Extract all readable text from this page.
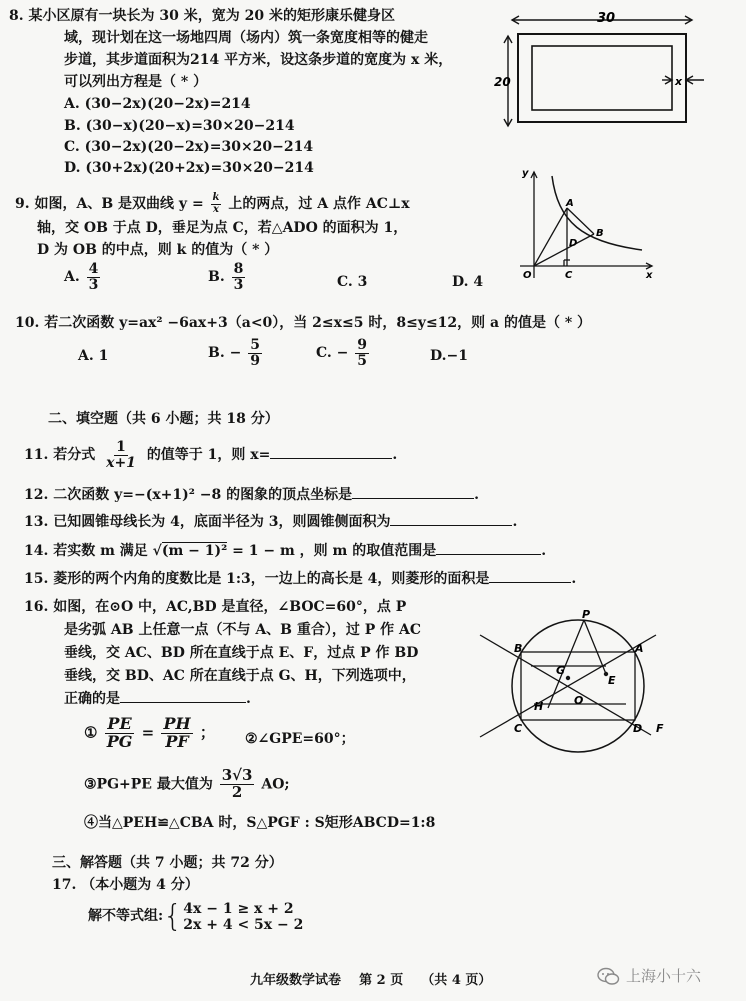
8. 某小区原有一块长为 30 米，宽为 20 米的矩形康乐健身区
域，现计划在这一场地四周（场内）筑一条宽度相等的健走
步道，其步道面积为214 平方米，设这条步道的宽度为 x 米，
可以列出方程是（ * ）
A. (30−2x)(20−2x)=214
B. (30−x)(20−x)=30×20−214
C. (30−2x)(20−2x)=30×20−214
D. (30+2x)(20+2x)=30×20−214
30
20	x
9. 如图，A、B 是双曲线 $y = \frac{k}{x}$ 上的两点，过 A 点作 AC⊥x
轴，交 OB 于点 D，垂足为点 C，若△ADO 的面积为 1，
D 为 OB 的中点，则 k 的值为（ * ）
A. $\frac{4}{3}$	B. $\frac{8}{3}$	C. 3	D. 4
y
x
O
A
B
C
D
10. 若二次函数 y=ax² −6ax+3（a<0），当 2≤x≤5 时，8≤y≤12，则 a 的值是（ * ）
A. 1	B. − $\frac{5}{9}$	C. − $\frac{9}{5}$	D.−1
二、填空题（共 6 小题；共 18 分）
11. 若分式 $\frac{1}{x+1}$ 的值等于 1，则 x=	.
12. 二次函数 y=−(x+1)² −8 的图象的顶点坐标是	.
13. 已知圆锥母线长为 4，底面半径为 3，则圆锥侧面积为	.
14. 若实数 m 满足 √(m − 1)² = 1 − m ，则 m 的取值范围是	.
15. 菱形的两个内角的度数比是 1:3，一边上的高长是 4，则菱形的面积是	.
16. 如图，在⊙O 中，AC,BD 是直径，∠BOC=60°，点 P
是劣弧 AB 上任意一点（不与 A、B 重合），过 P 作 AC
垂线，交 AC、BD 所在直线于点 E、F，过点 P 作 BD
垂线，交 BD、AC 所在直线于点 G、H，下列选项中，
正确的是	.
① $\frac{PE}{PG} = \frac{PH}{PF}$ ； ②∠GPE=60°；
③PG+PE 最大值为 $\frac{3√3}{2}$ AO;
④当△PEH≌△CBA 时，S△PGF : S矩形ABCD=1:8
P
A
B
C	D
E
F
G
H	O
三、解答题（共 7 小题；共 72 分）
17. （本小题为 4 分）
解不等式组:{ 4x − 1 ≥ x + 2
2x + 4 < 5x − 2
九年级数学试卷    第 2 页    （共 4 页）	上海小十六
